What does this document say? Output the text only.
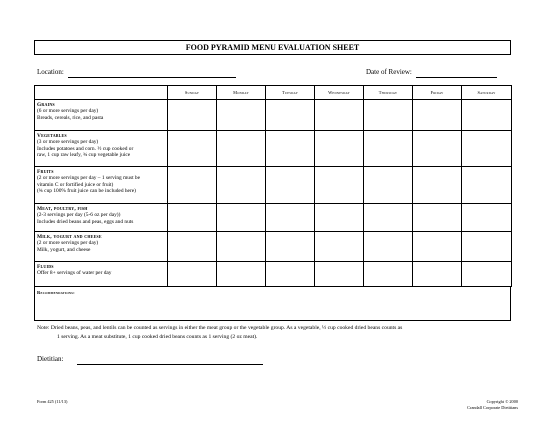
FOOD PYRAMID MENU EVALUATION SHEET
Location:	Date of Review:
	Sunday	Monday	Tuesday	Wednesday	Thursday	Friday	Saturday

Grains
(6 or more servings per day)
Breads, cereals, rice, and pasta							

Vegetables
(3 or more servings per day)
Includes potatoes and corn. ½ cup cooked or
raw, 1 cup raw leafy, ¾ cup vegetable juice							

Fruits
(2 or more servings per day – 1 serving must be
vitamin C or fortified juice or fruit)
(¾ cup 100% fruit juice can be included here)							

Meat, poultry, fish
(2-3 servings per day (5-6 oz per day))
Includes dried beans and peas, eggs and nuts							

Milk, yogurt and cheese
(2 or more servings per day)
Milk, yogurt, and cheese							

Fluids
Offer 8+ servings of water per day							

Recommendations:
Note: Dried beans, peas, and lentils can be counted as servings in either the meat group or the vegetable group. As a vegetable, ½ cup cooked dried beans counts as
1 serving. As a meat substitute, 1 cup cooked dried beans counts as 1 serving (2 oz meat).
Dietitian:
Form 425 (11/13)	Copyright © 2000
Crandall Corporate Dietitians
